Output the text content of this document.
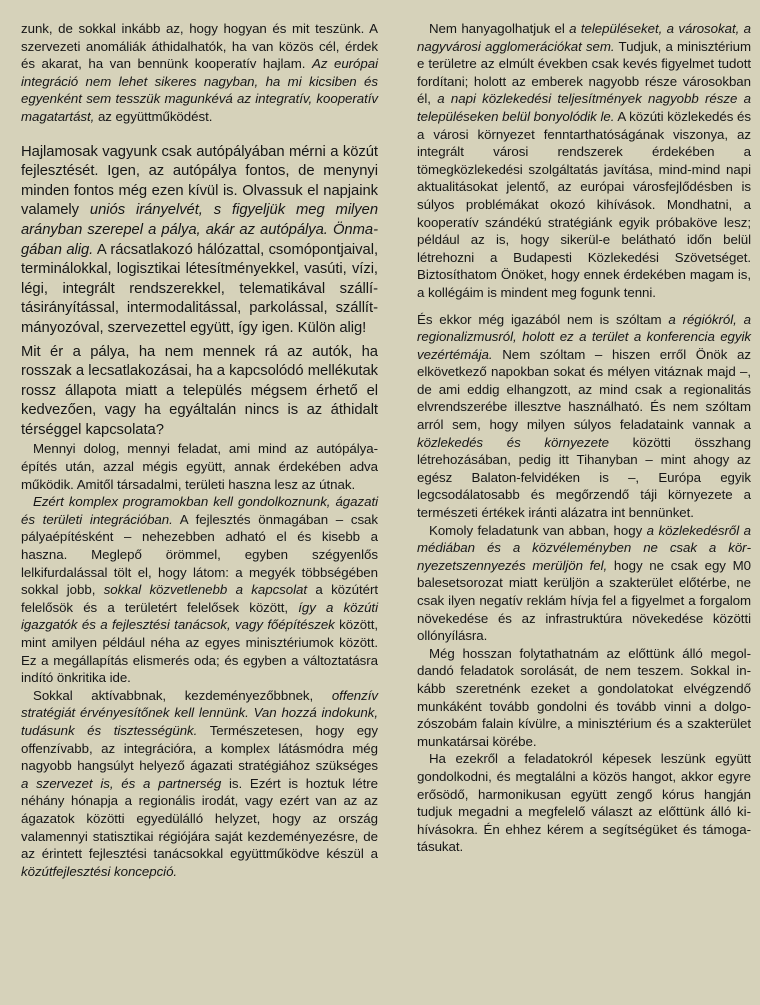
zunk, de sokkal inkább az, hogy hogyan és mit teszünk. A szervezeti anomáliák áthidalhatók, ha van közös cél, érdek és akarat, ha van bennünk kooperatív hajlam. Az európai integráció nem lehet sikeres nagyban, ha mi kicsiben és egyenként sem tesszük magunkévá az integratív, kooperatív magatartást, az együttműködést.

Hajlamosak vagyunk csak autópályában mérni a közút fejlesztését. Igen, az autópálya fontos, de menynyi minden fontos még ezen kívül is. Olvassuk el napjaink valamely uniós irányelvét, s figyeljük meg milyen arányban szerepel a pálya, akár az autópálya. Önmagában alig. A rácsatlakozó hálózattal, csomópontjaival, terminálokkal, logisztikai létesítményekkel, vasúti, vízi, légi, integrált rendszerekkel, telematikával szállításirányítással, intermodalitással, parkolással, szállítmányozóval, szervezettel együtt, így igen. Külön alig!

Mit ér a pálya, ha nem mennek rá az autók, ha rosszak a lecsatlakozásai, ha a kapcsolódó mellékutak rossz állapota miatt a település mégsem érhető el kedvezően, vagy ha egyáltalán nincs is az áthidalt térséggel kapcsolata?

Mennyi dolog, mennyi feladat, ami mind az autópálya-építés után, azzal mégis együtt, annak érdekében adva működik. Amitől társadalmi, területi haszna lesz az útnak.

Ezért komplex programokban kell gondolkoznunk, ágazati és területi integrációban. A fejlesztés önmagában – csak pályaépítésként – nehezebben adható el és kisebb a haszna. Meglepő örömmel, egyben szégyenlős lelkifurdalással tölt el, hogy látom: a megyék többségében sokkal jobb, sokkal közvetlenebb a kapcsolat a közútért felelősök és a területért felelősek között, így a közúti igazgatók és a fejlesztési tanácsok, vagy főépítészek között, mint amilyen például néha az egyes minisztériumok között. Ez a megállapítás elismerés oda; és egyben a változtatásra indító önkritika ide.

Sokkal aktívabbnak, kezdeményezőbbnek, offenzív stratégiát érvényesítőnek kell lennünk. Van hozzá indokunk, tudásunk és tisztességünk. Természetesen, hogy egy offenzívabb, az integrációra, a komplex látásmódra még nagyobb hangsúlyt helyező ágazati stratégiához szükséges a szervezet is, és a partnerség is. Ezért is hoztuk létre néhány hónapja a regionális irodát, vagy ezért van az az ágazatok közötti egyedülálló helyzet, hogy az ország valamennyi statisztikai régiójára saját kezdeményezésre, de az érintett fejlesztési tanácsokkal együttműködve készül a közútfejlesztési koncepció.

Nem hanyagolhatjuk el a településeket, a városokat, a nagyvárosi agglomerációkat sem. Tudjuk, a minisztérium e területre az elmúlt években csak kevés figyelmet tudott fordítani; holott az emberek nagyobb része városokban él, a napi közlekedési teljesítmények nagyobb része a településeken belül bonyolódik le. A közúti közlekedés és a városi környezet fenntarthatóságának viszonya, az integrált városi rendszerek érdekében a tömegközlekedési szolgáltatás javítása, mind-mind napi aktualitásokat jelentő, az európai városfejlődésben is súlyos problémákat okozó kihívások. Mondhatni, a kooperatív szándékú stratégiánk egyik próbaköve lesz; például az is, hogy sikerül-e belátható időn belül létrehozni a Budapesti Közlekedési Szövetséget. Biztosíthatom Önöket, hogy ennek érdekében magam is, a kollégáim is mindent meg fogunk tenni.

És ekkor még igazából nem is szóltam a régiókról, a regionalizmusról, holott ez a terület a konferencia egyik vezértémája. Nem szóltam – hiszen erről Önök az elkövetkező napokban sokat és mélyen vitáznak majd –, de ami eddig elhangzott, az mind csak a regionalitás elvrendszerébe illesztve használható. És nem szóltam arról sem, hogy milyen súlyos feladataink vannak a közlekedés és környezete közötti összhang létrehozásában, pedig itt Tihanyban – mint ahogy az egész Balaton-felvidéken is –, Európa egyik legcsodálatosabb és megőrzendő táji környezete a természeti értékek iránti alázatra int bennünket.

Komoly feladatunk van abban, hogy a közlekedésről a médiában és a közvéleményben ne csak a környezetszennyezés merüljön fel, hogy ne csak egy M0 balesetsorozat miatt kerüljön a szakterület előtérbe, ne csak ilyen negatív reklám hívja fel a figyelmet a forgalom növekedése és az infrastruktúra növekedése közötti ollónyílásra.

Még hosszan folytathatnám az előttünk álló megoldandó feladatok sorolását, de nem teszem. Sokkal inkább szeretnénk ezeket a gondolatokat elvégzendő munkáként tovább gondolni és tovább vinni a dolgozószobám falain kívülre, a minisztérium és a szakterület munkatársai körébe.

Ha ezekről a feladatokról képesek leszünk együtt gondolkodni, és megtalálni a közös hangot, akkor egyre erősödő, harmonikusan együtt zengő kórus hangján tudjuk megadni a megfelelő választ az előttünk álló kihívásokra. Én ehhez kérem a segítségüket és támogatásukat.
